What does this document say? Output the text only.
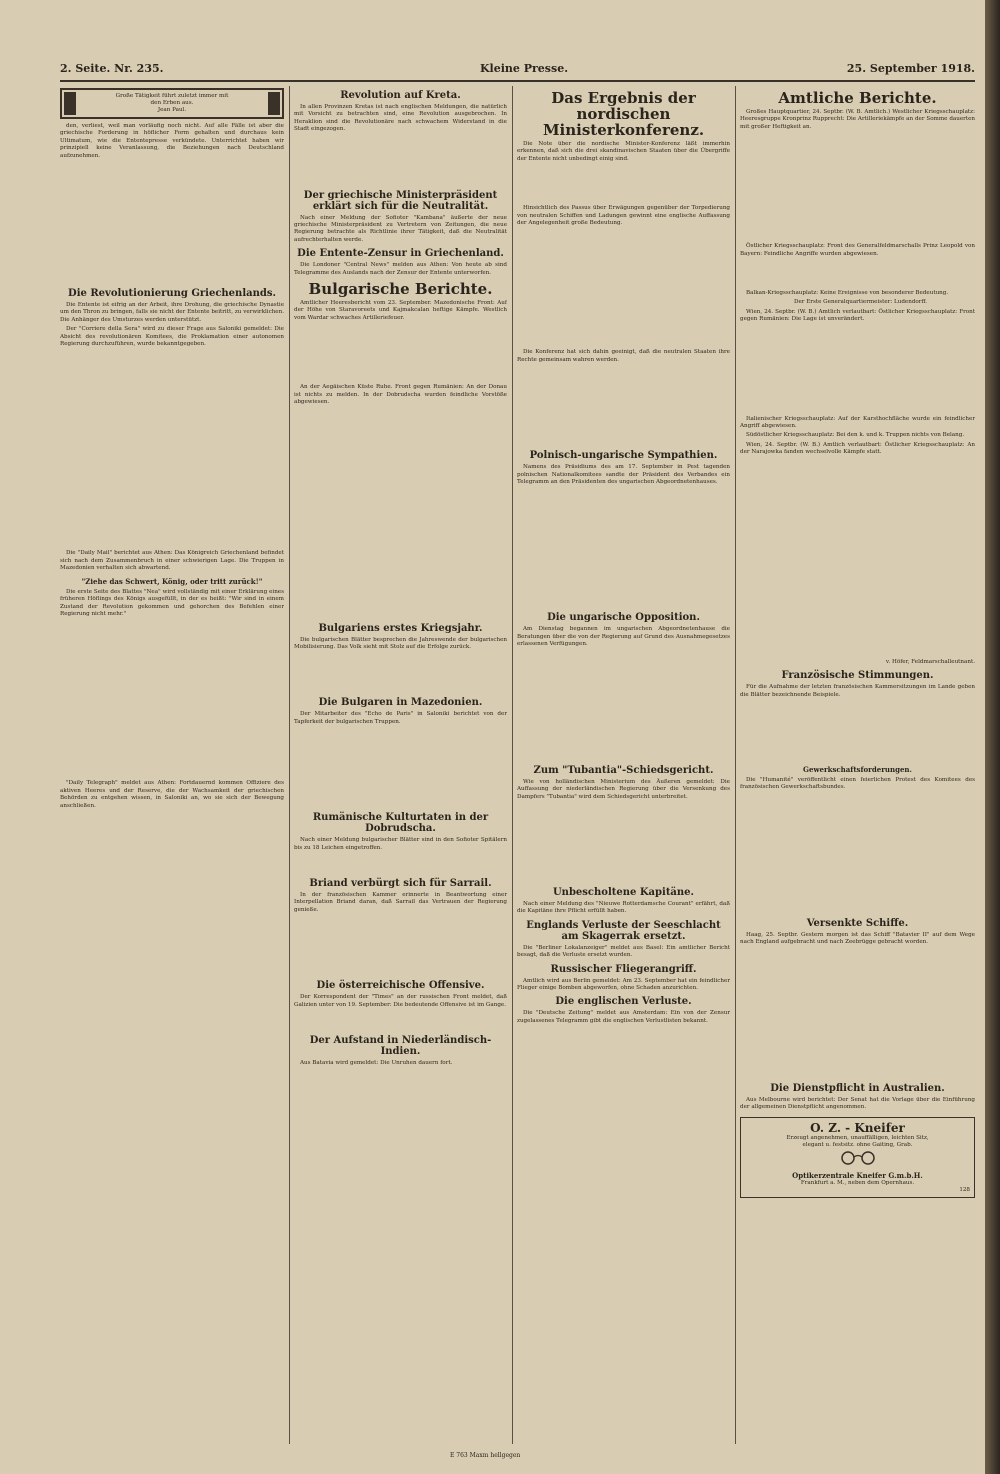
2. Seite. Nr. 235.	Kleine Presse.	25. September 1918.
Große Tätigkeit führt zuletzt immer mit
den Erben aus.
Jean Paul.

den, verliest, weil man vorläufig noch nicht. Auf alle Fälle ist aber die griechische Forderung in höflicher Form gehalten und durchaus kein Ultimatum, wie die Ententepresse verkündete. Unterrichtet haben wir prinzipiell keine Veranlassung, die Beziehungen nach Deutschland aufzunehmen.

Die Revolutionierung Griechenlands.

Die Entente ist eifrig an der Arbeit, ihre Drohung, die griechische Dynastie um den Thron zu bringen, falls sie nicht der Entente beitritt, zu verwirklichen. Die Anhänger des Umsturzes werden unterstützt.

Der "Corriere della Sera" wird zu dieser Frage aus Saloniki gemeldet: Die Absicht des revolutionären Komitees, die Proklamation einer autonomen Regierung durchzuführen, wurde bekanntgegeben.

Die "Daily Mail" berichtet aus Athen: Das Königreich Griechenland befindet sich nach dem Zusammenbruch in einer schwierigen Lage. Die Truppen in Mazedonien verhalten sich abwartend.

"Ziehe das Schwert, König, oder tritt zurück!"

Die erste Seite des Blattes "Nea" wird vollständig mit einer Erklärung eines früheren Höflings des Königs ausgefüllt, in der es heißt: "Wir sind in einem Zustand der Revolution gekommen und gehorchen des Befehlen einer Regierung nicht mehr."

"Daily Telegraph" meldet aus Athen: Fortdauernd kommen Offiziere des aktiven Heeres und der Reserve, die der Wachsamkeit der griechischen Behörden zu entgehen wissen, in Saloniki an, wo sie sich der Bewegung anschließen.

Revolution auf Kreta.

In allen Provinzen Kretas ist nach englischen Meldungen, die natürlich mit Vorsicht zu betrachten sind, eine Revolution ausgebrochen. In Heraklion sind die Revolutionäre nach schwachem Widerstand in die Stadt eingezogen.

Der griechische Ministerpräsident erklärt sich für die Neutralität.

Nach einer Meldung der Sofioter "Kambana" äußerte der neue griechische Ministerpräsident zu Vertretern von Zeitungen, die neue Regierung betrachte als Richtlinie ihrer Tätigkeit, daß die Neutralität aufrechterhalten werde.

Die Entente-Zensur in Griechenland.

Die Londoner "Central News" melden aus Athen: Von heute ab sind Telegramme des Auslands nach der Zensur der Entente unterworfen.

Bulgarische Berichte.

Amtlicher Heeresbericht vom 23. September. Mazedonische Front: Auf der Höhe von Staravoreets und Kajmakcalan heftige Kämpfe. Westlich vom Wardar schwaches Artilleriefeuer.

An der Aegäischen Küste Ruhe. Front gegen Rumänien: An der Donau ist nichts zu melden. In der Dobrudscha wurden feindliche Vorstöße abgewiesen.

Bulgariens erstes Kriegsjahr.

Die bulgarischen Blätter besprechen die Jahreswende der bulgarischen Mobilisierung. Das Volk sieht mit Stolz auf die Erfolge zurück.

Die Bulgaren in Mazedonien.

Der Mitarbeiter des "Echo de Paris" in Saloniki berichtet von der Tapferkeit der bulgarischen Truppen.

Rumänische Kulturtaten in der Dobrudscha.

Nach einer Meldung bulgarischer Blätter sind in den Sofioter Spitälern bis zu 18 Leichen eingetroffen.

Briand verbürgt sich für Sarrail.

In der französischen Kammer erinnerte in Beantwortung einer Interpellation Briand daran, daß Sarrail das Vertrauen der Regierung genieße.

Die österreichische Offensive.

Der Korrespondent der "Times" an der russischen Front meldet, daß Galizien unter von 19. September: Die bedeutende Offensive ist im Gange.

Der Aufstand in Niederländisch-Indien.

Aus Batavia wird gemeldet: Die Unruhen dauern fort.

Das Ergebnis der nordischen Ministerkonferenz.

Die Note über die nordische Minister-Konferenz läßt immerhin erkennen, daß sich die drei skandinavischen Staaten über die Übergriffe der Entente nicht unbedingt einig sind.

Hinsichtlich des Passus über Erwägungen gegenüber der Torpedierung von neutralen Schiffen und Ladungen gewinnt eine englische Auffassung der Angelegenheit große Bedeutung.

Die Konferenz hat sich dahin geeinigt, daß die neutralen Staaten ihre Rechte gemeinsam wahren werden.

Polnisch-ungarische Sympathien.

Namens des Präsidiums des am 17. September in Pest tagenden polnischen Nationalkomitees sandte der Präsident des Verbandes ein Telegramm an den Präsidenten des ungarischen Abgeordnetenhauses.

Die ungarische Opposition.

Am Dienstag begannen im ungarischen Abgeordnetenhause die Beratungen über die von der Regierung auf Grund des Ausnahmegesetzes erlassenen Verfügungen.

Zum "Tubantia"-Schiedsgericht.

Wie von holländischen Ministerium des Äußeren gemeldet: Die Auffassung der niederländischen Regierung über die Versenkung des Dampfers "Tubantia" wird dem Schiedsgericht unterbreitet.

Unbescholtene Kapitäne.

Nach einer Meldung des "Nieuwe Rotterdamsche Courant" erfährt, daß die Kapitäne ihre Pflicht erfüllt haben.

Englands Verluste der Seeschlacht am Skagerrak ersetzt.

Die "Berliner Lokalanzeiger" meldet aus Basel: Ein amtlicher Bericht besagt, daß die Verluste ersetzt wurden.

Russischer Fliegerangriff.

Amtlich wird aus Berlin gemeldet: Am 23. September hat ein feindlicher Flieger einige Bomben abgeworfen, ohne Schaden anzurichten.

Die englischen Verluste.

Die "Deutsche Zeitung" meldet aus Amsterdam: Ein von der Zensur zugelassenes Telegramm gibt die englischen Verlustlisten bekannt.

Amtliche Berichte.

Großes Hauptquartier, 24. Septbr. (W. B. Amtlich.) Westlicher Kriegsschauplatz: Heeresgruppe Kronprinz Rupprecht: Die Artilleriekämpfe an der Somme dauerten mit großer Heftigkeit an.

Östlicher Kriegsschauplatz: Front des Generalfeldmarschalls Prinz Leopold von Bayern: Feindliche Angriffe wurden abgewiesen.

Balkan-Kriegsschauplatz: Keine Ereignisse von besonderer Bedeutung.

Der Erste Generalquartiermeister: Ludendorff.

Wien, 24. Septbr. (W. B.) Amtlich verlautbart: Östlicher Kriegsschauplatz: Front gegen Rumänien: Die Lage ist unverändert.

Italienischer Kriegsschauplatz: Auf der Karsthochfläche wurde ein feindlicher Angriff abgewiesen.

Südöstlicher Kriegsschauplatz: Bei den k. und k. Truppen nichts von Belang.

Wien, 24. Septbr. (W. B.) Amtlich verlautbart: Östlicher Kriegsschauplatz: An der Narajowka fanden wechselvolle Kämpfe statt.

v. Höfer, Feldmarschalleutnant.

Französische Stimmungen.

Für die Aufnahme der letzten französischen Kammersitzungen im Lande geben die Blätter bezeichnende Beispiele.

Gewerkschaftsforderungen.

Die "Humanité" veröffentlicht einen feierlichen Protest des Komitees des französischen Gewerkschaftsbundes.

Versenkte Schiffe.

Haag, 25. Septbr. Gestern morgen ist das Schiff "Batavier II" auf dem Wege nach England aufgebracht und nach Zeebrügge gebracht worden.

Die Dienstpflicht in Australien.

Aus Melbourne wird berichtet: Der Senat hat die Vorlage über die Einführung der allgemeinen Dienstpflicht angenommen.

O. Z. - Kneifer
Erzeugt angenehmen, unauffälligen, leichten Sitz,
elegant u. festsitz. ohne Gaiting, Grab.
Optikerzentrale Kneifer G.m.b.H.
Frankfurt a. M., neben dem Opernhaus.
128
E 763 Maxm hellgegen
